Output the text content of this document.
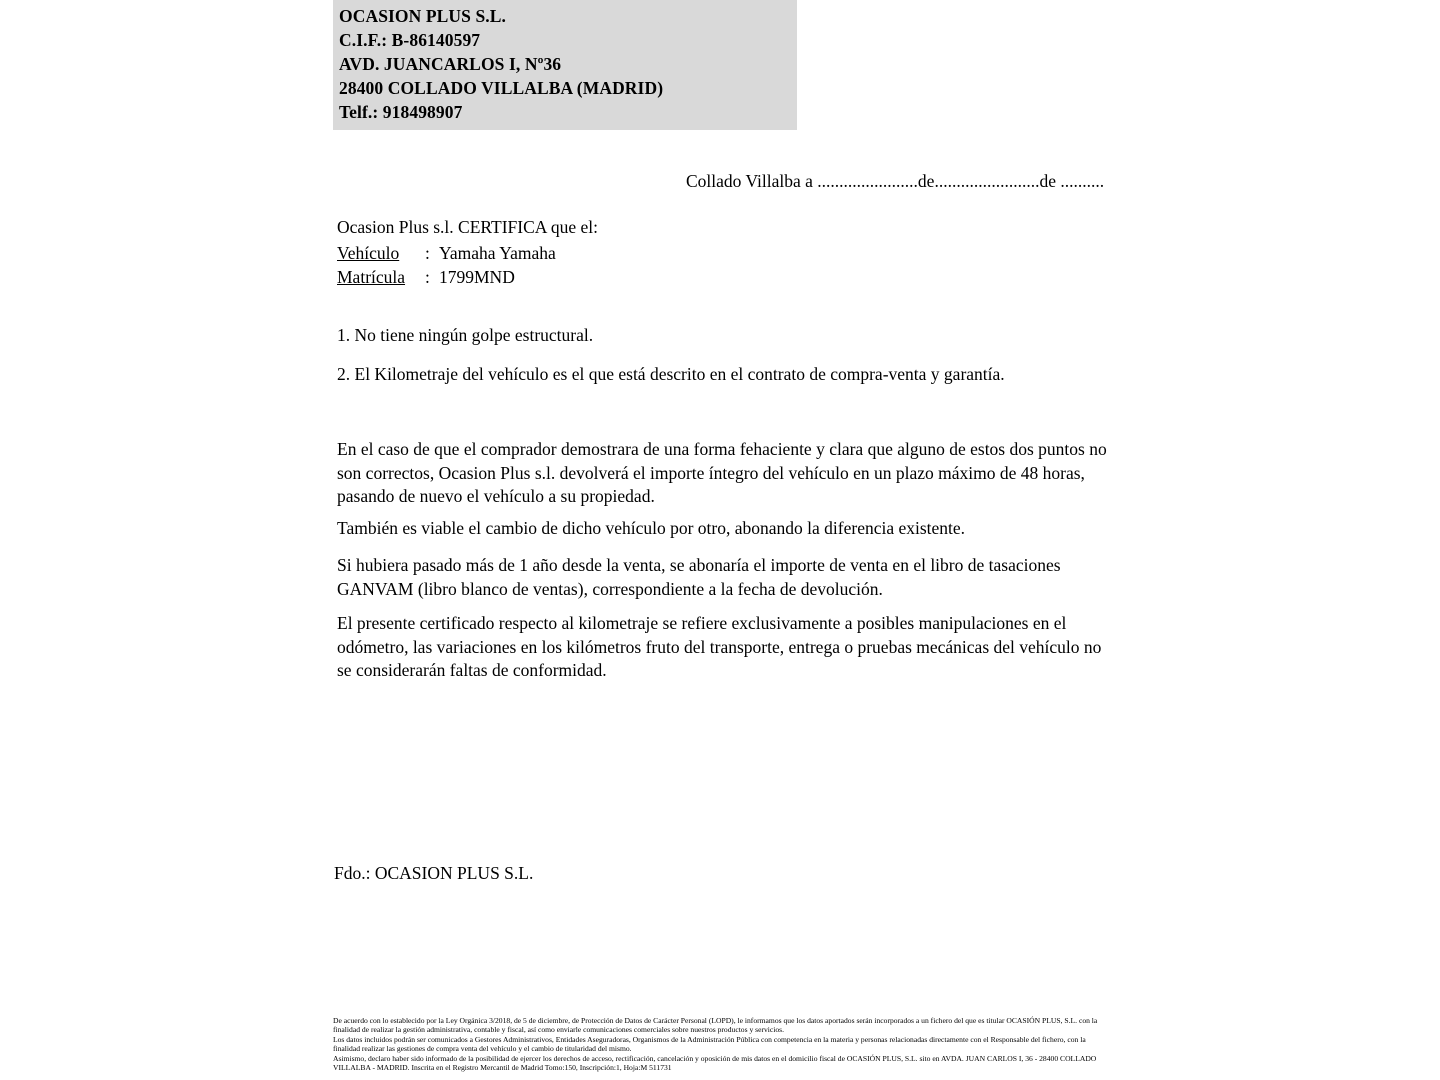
OCASION PLUS S.L.
C.I.F.: B-86140597
AVD. JUANCARLOS I, Nº36
28400 COLLADO VILLALBA (MADRID)
Telf.: 918498907
Collado Villalba a .......................de........................de ..........

Ocasion Plus s.l. CERTIFICA que el:

Vehículo	: Yamaha Yamaha
Matrícula	: 1799MND
1. No tiene ningún golpe estructural.
2. El Kilometraje del vehículo es el que está descrito en el contrato de compra-venta y garantía.
En el caso de que el comprador demostrara de una forma fehaciente y clara que alguno de estos dos puntos no son correctos, Ocasion Plus s.l. devolverá el importe íntegro del vehículo en un plazo máximo de 48 horas, pasando de nuevo el vehículo a su propiedad.
También es viable el cambio de dicho vehículo por otro, abonando la diferencia existente.
Si hubiera pasado más de 1 año desde la venta, se abonaría el importe de venta en el libro de tasaciones GANVAM (libro blanco de ventas), correspondiente a la fecha de devolución.
El presente certificado respecto al kilometraje se refiere exclusivamente a posibles manipulaciones en el odómetro, las variaciones en los kilómetros fruto del transporte, entrega o pruebas mecánicas del vehículo no se considerarán faltas de conformidad.
Fdo.: OCASION PLUS S.L.

De acuerdo con lo establecido por la Ley Orgánica 3/2018, de 5 de diciembre, de Protección de Datos de Carácter Personal (LOPD), le informamos que los datos aportados serán incorporados a un fichero del que es titular OCASIÓN PLUS, S.L. con la finalidad de realizar la gestión administrativa, contable y fiscal, así como enviarle comunicaciones comerciales sobre nuestros productos y servicios.

Los datos incluidos podrán ser comunicados a Gestores Administrativos, Entidades Aseguradoras, Organismos de la Administración Pública con competencia en la materia y personas relacionadas directamente con el Responsable del fichero, con la finalidad realizar las gestiones de compra venta del vehículo y el cambio de titularidad del mismo.

Asimismo, declaro haber sido informado de la posibilidad de ejercer los derechos de acceso, rectificación, cancelación y oposición de mis datos en el domicilio fiscal de OCASIÓN PLUS, S.L. sito en AVDA. JUAN CARLOS I, 36 - 28400 COLLADO VILLALBA - MADRID. Inscrita en el Registro Mercantil de Madrid Tomo:150, Inscripción:1, Hoja:M 511731
